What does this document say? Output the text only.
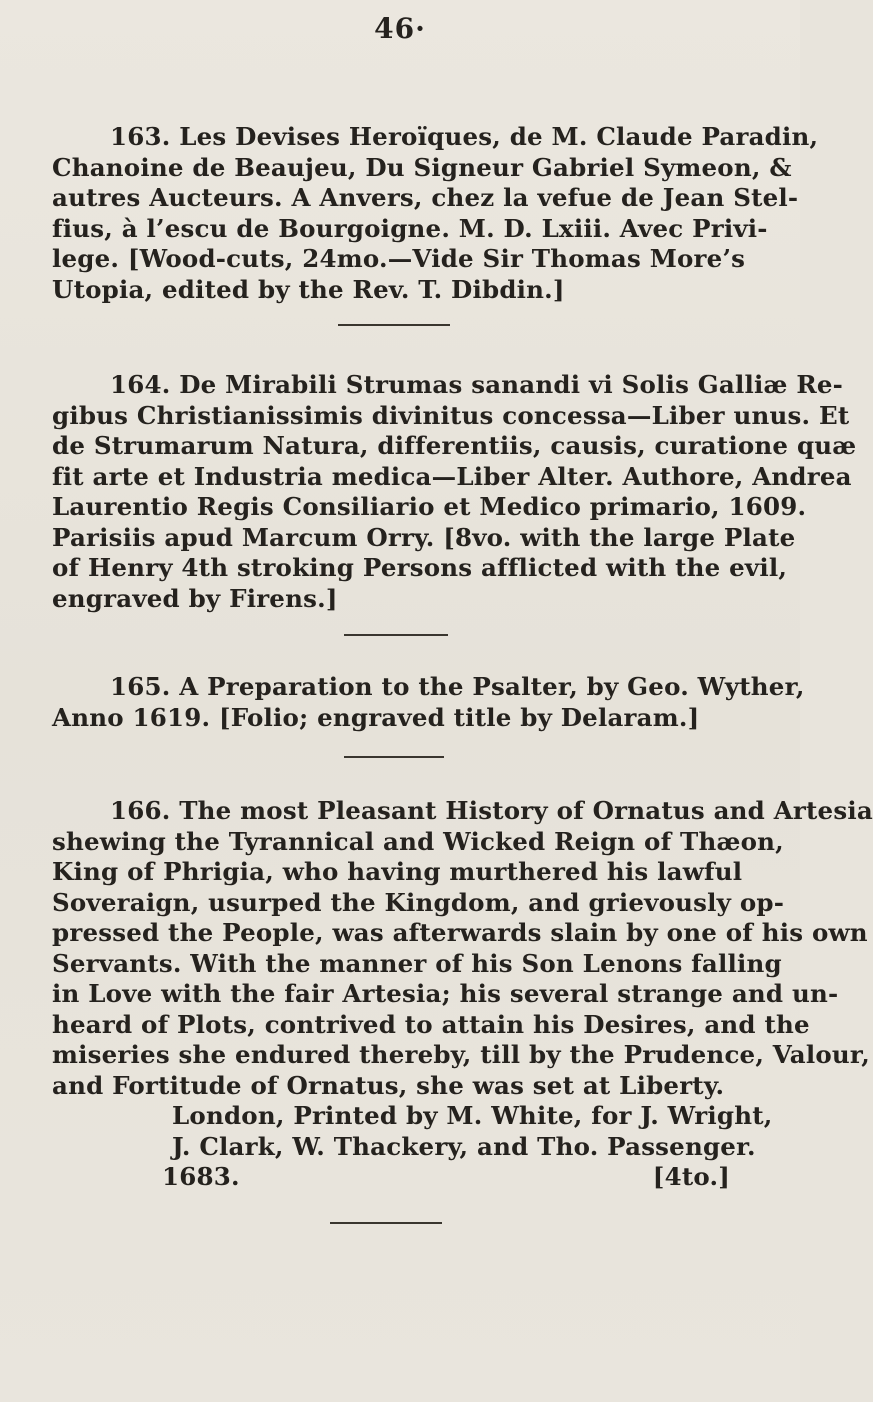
46·
163. Les Devises Heroïques, de M. Claude Paradin,
Chanoine de Beaujeu, Du Signeur Gabriel Symeon, &
autres Aucteurs. A Anvers, chez la vefue de Jean Stel-
fius, à l’escu de Bourgoigne. M. D. Lxiii. Avec Privi-
lege. [Wood-cuts, 24mo.—Vide Sir Thomas More’s
Utopia, edited by the Rev. T. Dibdin.]
164. De Mirabili Strumas sanandi vi Solis Galliæ Re-
gibus Christianissimis divinitus concessa—Liber unus. Et
de Strumarum Natura, differentiis, causis, curatione quæ
fit arte et Industria medica—Liber Alter. Authore, Andrea
Laurentio Regis Consiliario et Medico primario, 1609.
Parisiis apud Marcum Orry. [8vo. with the large Plate
of Henry 4th stroking Persons afflicted with the evil,
engraved by Firens.]
165. A Preparation to the Psalter, by Geo. Wyther,
Anno 1619. [Folio; engraved title by Delaram.]
166. The most Pleasant History of Ornatus and Artesia
shewing the Tyrannical and Wicked Reign of Thæon,
King of Phrigia, who having murthered his lawful
Soveraign, usurped the Kingdom, and grievously op-
pressed the People, was afterwards slain by one of his own
Servants. With the manner of his Son Lenons falling
in Love with the fair Artesia; his several strange and un-
heard of Plots, contrived to attain his Desires, and the
miseries she endured thereby, till by the Prudence, Valour,
and Fortitude of Ornatus, she was set at Liberty.
London, Printed by M. White, for J. Wright,
J. Clark, W. Thackery, and Tho. Passenger.
1683.	[4to.]
